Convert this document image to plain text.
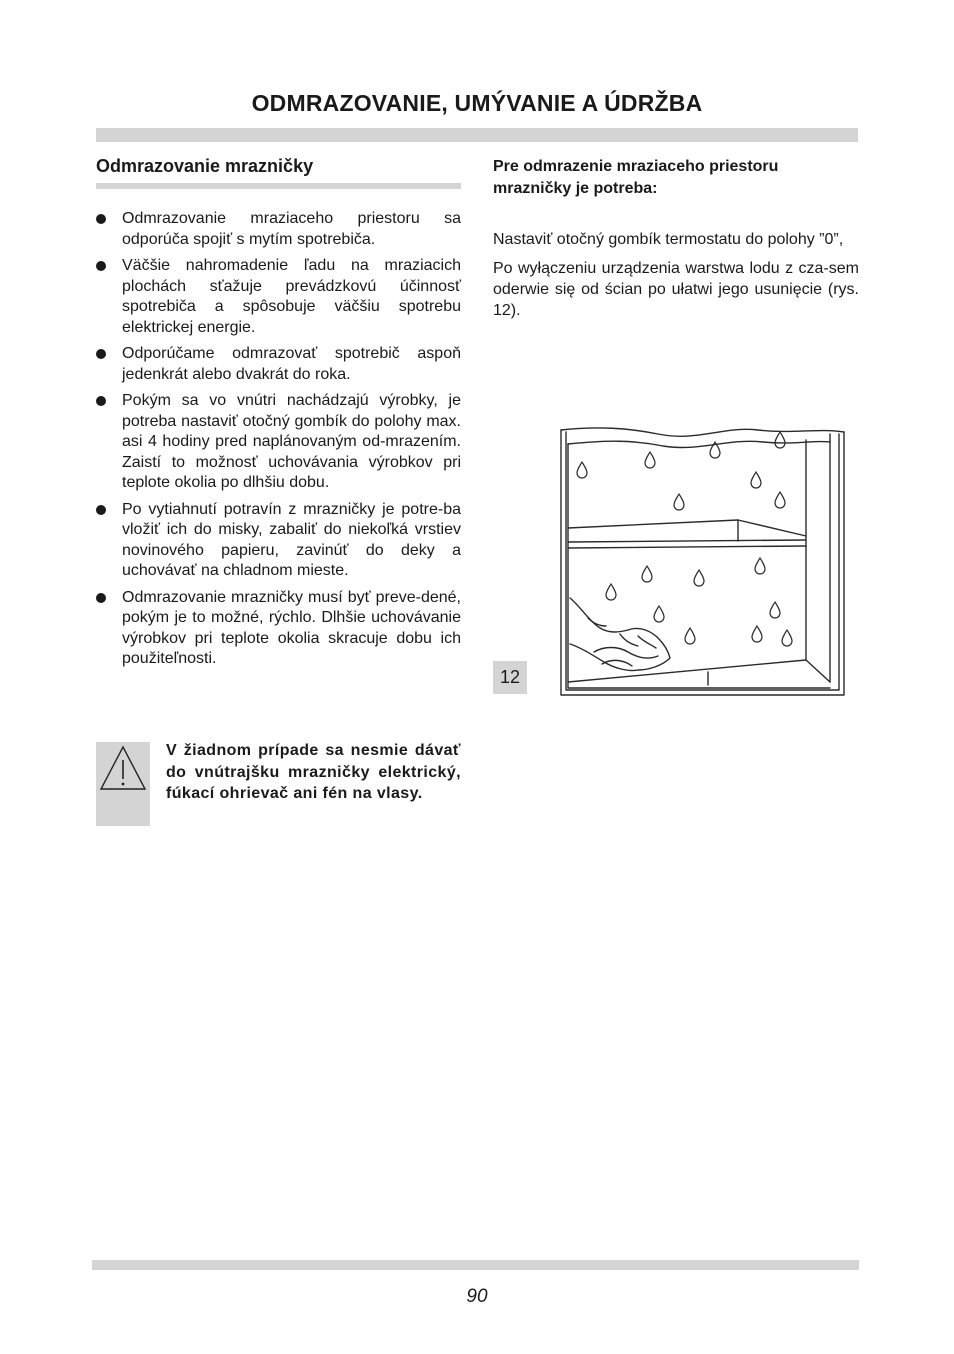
ODMRAZOVANIE, UMÝVANIE A ÚDRŽBA
Odmrazovanie mrazničky
Odmrazovanie mraziaceho priestoru sa odporúča spojiť s mytím spotrebiča.
Väčšie nahromadenie ľadu na mraziacich plochách sťažuje prevádzkovú účinnosť spotrebiča a spôsobuje väčšiu spotrebu elektrickej energie.
Odporúčame odmrazovať spotrebič aspoň jedenkrát alebo dvakrát do roka.
Pokým sa vo vnútri nachádzajú výrobky, je potreba nastaviť otočný gombík do polohy max. asi 4 hodiny pred naplánovaným od-mrazením. Zaistí to možnosť uchovávania výrobkov pri teplote okolia po dlhšiu dobu.
Po vytiahnutí potravín z mrazničky je potre-ba vložiť ich do misky, zabaliť do niekoľká vrstiev novinového papieru, zavinúť do deky a uchovávať na chladnom mieste.
Odmrazovanie mrazničky musí byť preve-dené, pokým je to možné, rýchlo. Dlhšie uchovávanie výrobkov pri teplote okolia skracuje dobu ich použiteľnosti.
V žiadnom prípade sa nesmie dávať do vnútrajšku mrazničky elektrický, fúkací ohrievač ani fén na vlasy.

Pre odmrazenie mraziaceho priestoru mrazničky je potreba:

Nastaviť otočný gombík termostatu do polohy ”0”,

Po wyłączeniu urządzenia warstwa lodu z cza-sem oderwie się od ścian po ułatwi jego usunięcie (rys. 12).

12
90
